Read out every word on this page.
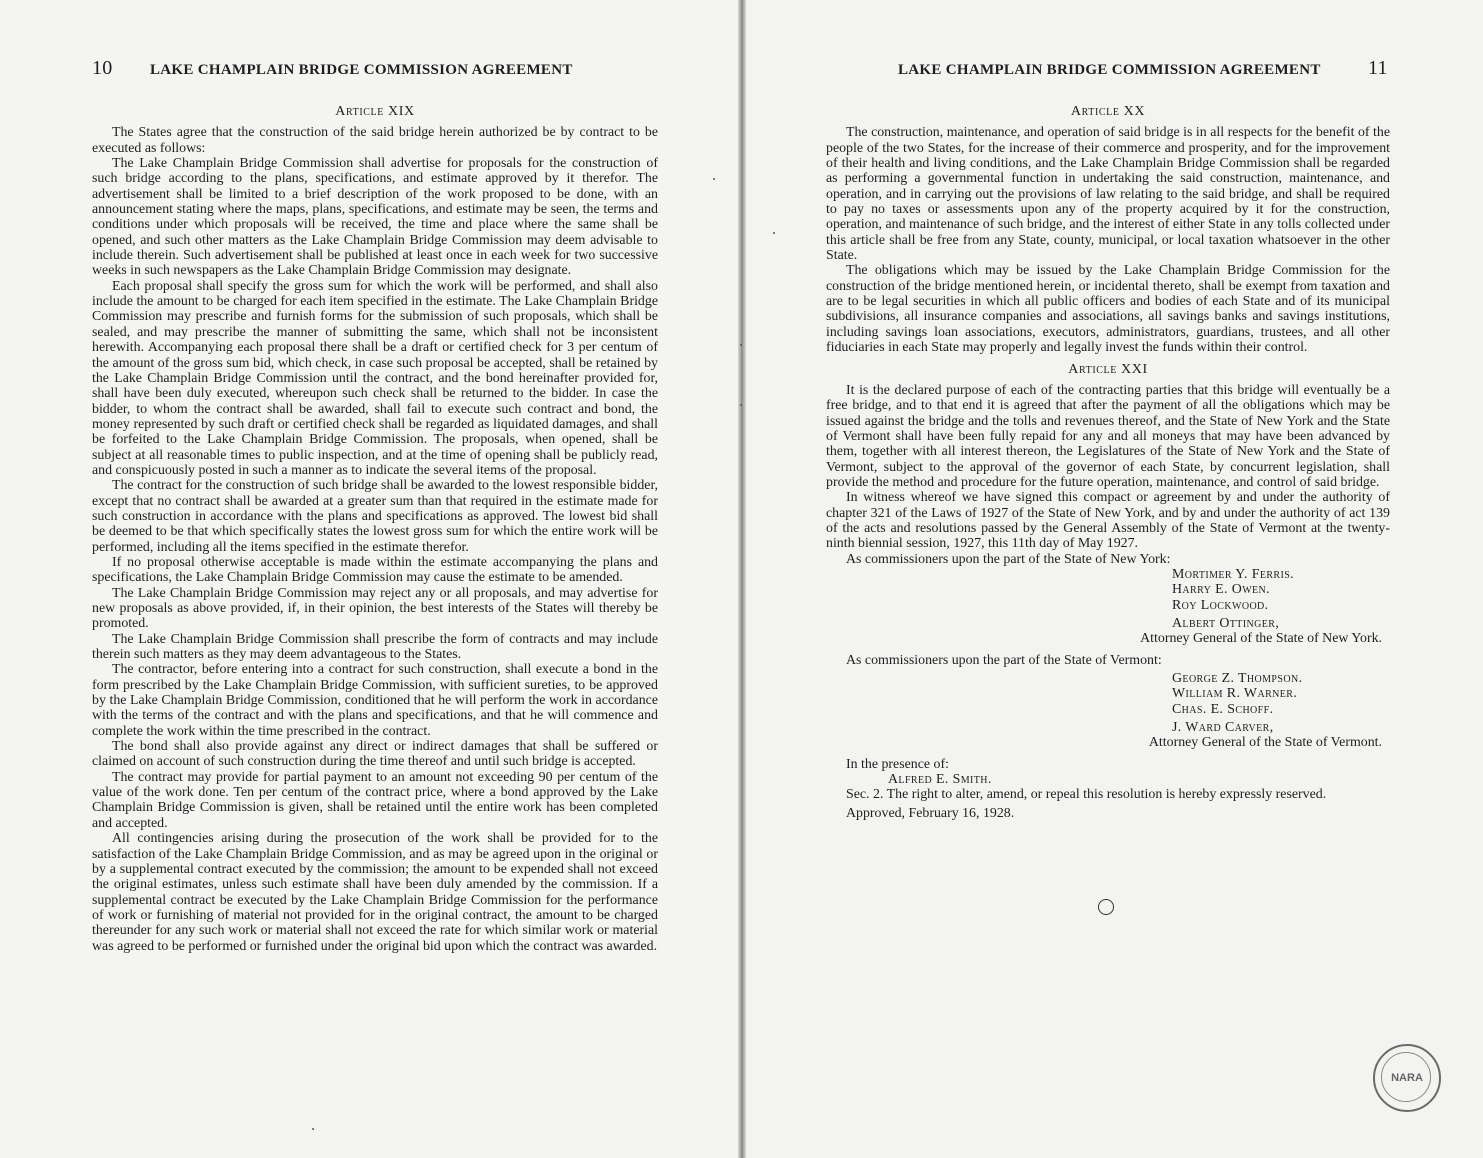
10 LAKE CHAMPLAIN BRIDGE COMMISSION AGREEMENT

Article XIX

The States agree that the construction of the said bridge herein authorized be by contract to be executed as follows:

The Lake Champlain Bridge Commission shall advertise for proposals for the construction of such bridge according to the plans, specifications, and estimate approved by it therefor. The advertisement shall be limited to a brief description of the work proposed to be done, with an announcement stating where the maps, plans, specifications, and estimate may be seen, the terms and conditions under which proposals will be received, the time and place where the same shall be opened, and such other matters as the Lake Champlain Bridge Commission may deem advisable to include therein. Such advertisement shall be published at least once in each week for two successive weeks in such newspapers as the Lake Champlain Bridge Commission may designate.

Each proposal shall specify the gross sum for which the work will be performed, and shall also include the amount to be charged for each item specified in the estimate. The Lake Champlain Bridge Commission may prescribe and furnish forms for the submission of such proposals, which shall be sealed, and may prescribe the manner of submitting the same, which shall not be inconsistent herewith. Accompanying each proposal there shall be a draft or certified check for 3 per centum of the amount of the gross sum bid, which check, in case such proposal be accepted, shall be retained by the Lake Champlain Bridge Commission until the contract, and the bond hereinafter provided for, shall have been duly executed, whereupon such check shall be returned to the bidder. In case the bidder, to whom the contract shall be awarded, shall fail to execute such contract and bond, the money represented by such draft or certified check shall be regarded as liquidated damages, and shall be forfeited to the Lake Champlain Bridge Commission. The proposals, when opened, shall be subject at all reasonable times to public inspection, and at the time of opening shall be publicly read, and conspicuously posted in such a manner as to indicate the several items of the proposal.

The contract for the construction of such bridge shall be awarded to the lowest responsible bidder, except that no contract shall be awarded at a greater sum than that required in the estimate made for such construction in accordance with the plans and specifications as approved. The lowest bid shall be deemed to be that which specifically states the lowest gross sum for which the entire work will be performed, including all the items specified in the estimate therefor.

If no proposal otherwise acceptable is made within the estimate accompanying the plans and specifications, the Lake Champlain Bridge Commission may cause the estimate to be amended.

The Lake Champlain Bridge Commission may reject any or all proposals, and may advertise for new proposals as above provided, if, in their opinion, the best interests of the States will thereby be promoted.

The Lake Champlain Bridge Commission shall prescribe the form of contracts and may include therein such matters as they may deem advantageous to the States.

The contractor, before entering into a contract for such construction, shall execute a bond in the form prescribed by the Lake Champlain Bridge Commission, with sufficient sureties, to be approved by the Lake Champlain Bridge Commission, conditioned that he will perform the work in accordance with the terms of the contract and with the plans and specifications, and that he will commence and complete the work within the time prescribed in the contract.

The bond shall also provide against any direct or indirect damages that shall be suffered or claimed on account of such construction during the time thereof and until such bridge is accepted.

The contract may provide for partial payment to an amount not exceeding 90 per centum of the value of the work done. Ten per centum of the contract price, where a bond approved by the Lake Champlain Bridge Commission is given, shall be retained until the entire work has been completed and accepted.

All contingencies arising during the prosecution of the work shall be provided for to the satisfaction of the Lake Champlain Bridge Commission, and as may be agreed upon in the original or by a supplemental contract executed by the commission; the amount to be expended shall not exceed the original estimates, unless such estimate shall have been duly amended by the commission. If a supplemental contract be executed by the Lake Champlain Bridge Commission for the performance of work or furnishing of material not provided for in the original contract, the amount to be charged thereunder for any such work or material shall not exceed the rate for which similar work or material was agreed to be performed or furnished under the original bid upon which the contract was awarded.

LAKE CHAMPLAIN BRIDGE COMMISSION AGREEMENT 11

Article XX

The construction, maintenance, and operation of said bridge is in all respects for the benefit of the people of the two States, for the increase of their commerce and prosperity, and for the improvement of their health and living conditions, and the Lake Champlain Bridge Commission shall be regarded as performing a governmental function in undertaking the said construction, maintenance, and operation, and in carrying out the provisions of law relating to the said bridge, and shall be required to pay no taxes or assessments upon any of the property acquired by it for the construction, operation, and maintenance of such bridge, and the interest of either State in any tolls collected under this article shall be free from any State, county, municipal, or local taxation whatsoever in the other State.

The obligations which may be issued by the Lake Champlain Bridge Commission for the construction of the bridge mentioned herein, or incidental thereto, shall be exempt from taxation and are to be legal securities in which all public officers and bodies of each State and of its municipal subdivisions, all insurance companies and associations, all savings banks and savings institutions, including savings loan associations, executors, administrators, guardians, trustees, and all other fiduciaries in each State may properly and legally invest the funds within their control.

Article XXI

It is the declared purpose of each of the contracting parties that this bridge will eventually be a free bridge, and to that end it is agreed that after the payment of all the obligations which may be issued against the bridge and the tolls and revenues thereof, and the State of New York and the State of Vermont shall have been fully repaid for any and all moneys that may have been advanced by them, together with all interest thereon, the Legislatures of the State of New York and the State of Vermont, subject to the approval of the governor of each State, by concurrent legislation, shall provide the method and procedure for the future operation, maintenance, and control of said bridge.

In witness whereof we have signed this compact or agreement by and under the authority of chapter 321 of the Laws of 1927 of the State of New York, and by and under the authority of act 139 of the acts and resolutions passed by the General Assembly of the State of Vermont at the twenty-ninth biennial session, 1927, this 11th day of May 1927.

As commissioners upon the part of the State of New York:

Mortimer Y. Ferris.

Harry E. Owen.

Roy Lockwood.

Albert Ottinger,

Attorney General of the State of New York.

As commissioners upon the part of the State of Vermont:

George Z. Thompson.

William R. Warner.

Chas. E. Schoff.

J. Ward Carver,

Attorney General of the State of Vermont.

In the presence of:

Alfred E. Smith.

Sec. 2. The right to alter, amend, or repeal this resolution is hereby expressly reserved.

Approved, February 16, 1928.

NARA
